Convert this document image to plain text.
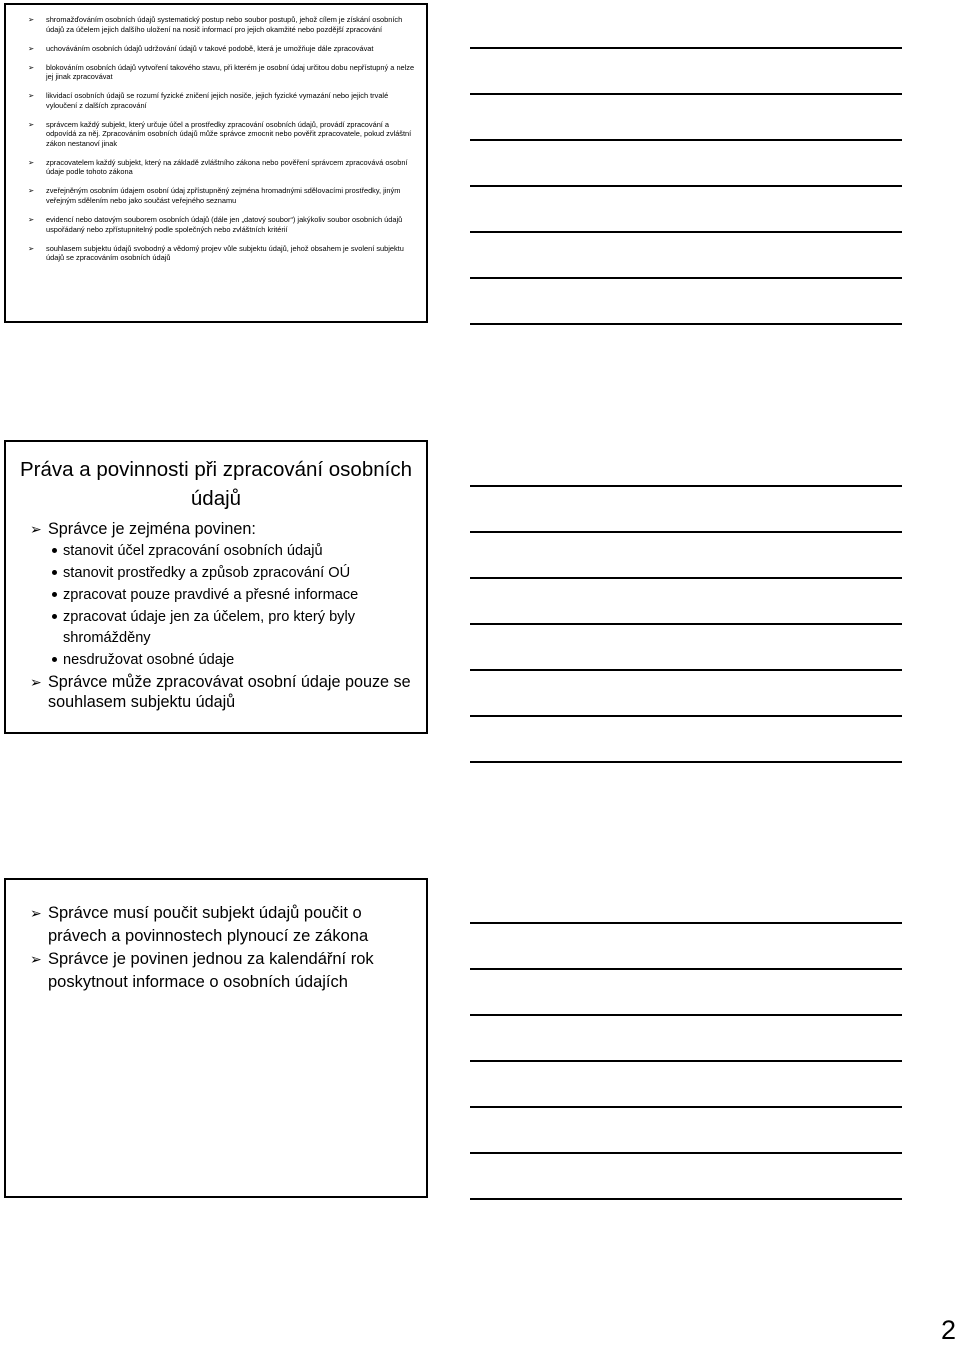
➢ shromažďováním osobních údajů systematický postup nebo soubor postupů, jehož cílem je získání osobních údajů za účelem jejich dalšího uložení na nosič informací pro jejich okamžité nebo pozdější zpracování
➢ uchováváním osobních údajů udržování údajů v takové podobě, která je umožňuje dále zpracovávat
➢ blokováním osobních údajů vytvoření takového stavu, při kterém je osobní údaj určitou dobu nepřístupný a nelze jej jinak zpracovávat
➢ likvidací osobních údajů se rozumí fyzické zničení jejich nosiče, jejich fyzické vymazání nebo jejich trvalé vyloučení z dalších zpracování
➢ správcem každý subjekt, který určuje účel a prostředky zpracování osobních údajů, provádí zpracování a odpovídá za něj. Zpracováním osobních údajů může správce zmocnit nebo pověřit zpracovatele, pokud zvláštní zákon nestanoví jinak
➢ zpracovatelem každý subjekt, který na základě zvláštního zákona nebo pověření správcem zpracovává osobní údaje podle tohoto zákona
➢ zveřejněným osobním údajem osobní údaj zpřístupněný zejména hromadnými sdělovacími prostředky, jiným veřejným sdělením nebo jako součást veřejného seznamu
➢ evidencí nebo datovým souborem osobních údajů (dále jen „datový soubor“) jakýkoliv soubor osobních údajů uspořádaný nebo zpřístupnitelný podle společných nebo zvláštních kritérií
➢ souhlasem subjektu údajů svobodný a vědomý projev vůle subjektu údajů, jehož obsahem je svolení subjektu údajů se zpracováním osobních údajů
Práva a povinnosti při zpracování osobních údajů
➢ Správce je zejména povinen:
stanovit účel zpracování osobních údajů
stanovit prostředky a způsob zpracování OÚ
zpracovat pouze pravdivé a přesné informace
zpracovat údaje jen za účelem, pro který byly shromážděny
nesdružovat osobné údaje
➢ Správce může zpracovávat osobní údaje pouze se souhlasem subjektu údajů
➢ Správce musí poučit subjekt údajů poučit o právech a povinnostech plynoucí ze zákona
➢ Správce je povinen jednou za kalendářní rok poskytnout informace o osobních údajích
2
